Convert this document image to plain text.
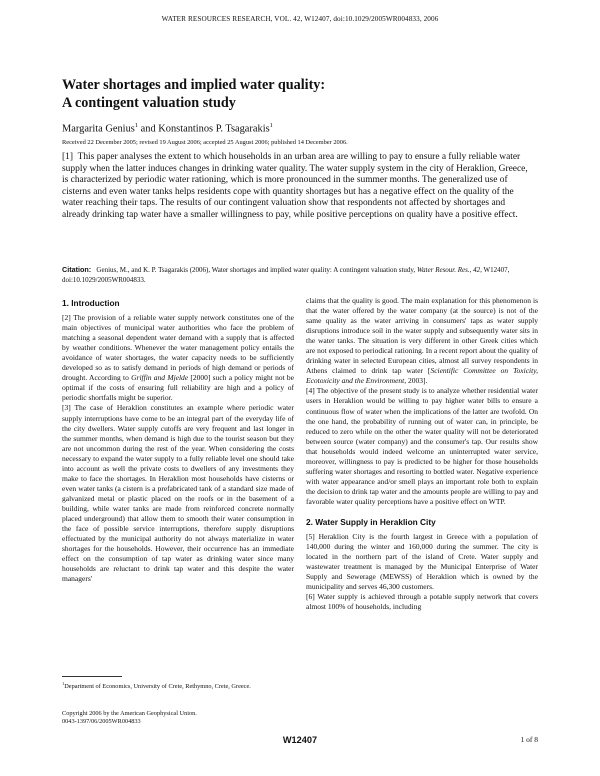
WATER RESOURCES RESEARCH, VOL. 42, W12407, doi:10.1029/2005WR004833, 2006
Water shortages and implied water quality:
A contingent valuation study
Margarita Genius$^1$ and Konstantinos P. Tsagarakis$^1$
Received 22 December 2005; revised 19 August 2006; accepted 25 August 2006; published 14 December 2006.
[1] This paper analyses the extent to which households in an urban area are willing to pay to ensure a fully reliable water supply when the latter induces changes in drinking water quality. The water supply system in the city of Heraklion, Greece, is characterized by periodic water rationing, which is more pronounced in the summer months. The generalized use of cisterns and even water tanks helps residents cope with quantity shortages but has a negative effect on the quality of the water reaching their taps. The results of our contingent valuation show that respondents not affected by shortages and already drinking tap water have a smaller willingness to pay, while positive perceptions on quality have a positive effect.
Citation: Genius, M., and K. P. Tsagarakis (2006), Water shortages and implied water quality: A contingent valuation study, Water Resour. Res., 42, W12407, doi:10.1029/2005WR004833.
1. Introduction

[2] The provision of a reliable water supply network constitutes one of the main objectives of municipal water authorities who face the problem of matching a seasonal dependent water demand with a supply that is affected by weather conditions. Whenever the water management policy entails the avoidance of water shortages, the water capacity needs to be sufficiently developed so as to satisfy demand in periods of high demand or periods of drought. According to Griffin and Mjelde [2000] such a policy might not be optimal if the costs of ensuring full reliability are high and a policy of periodic shortfalls might be superior.

[3] The case of Heraklion constitutes an example where periodic water supply interruptions have come to be an integral part of the everyday life of the city dwellers. Water supply cutoffs are very frequent and last longer in the summer months, when demand is high due to the tourist season but they are not uncommon during the rest of the year. When considering the costs necessary to expand the water supply to a fully reliable level one should take into account as well the private costs to dwellers of any investments they make to face the shortages. In Heraklion most households have cisterns or even water tanks (a cistern is a prefabricated tank of a standard size made of galvanized metal or plastic placed on the roofs or in the basement of a building, while water tanks are made from reinforced concrete normally placed underground) that allow them to smooth their water consumption in the face of possible service interruptions, therefore supply disruptions effectuated by the municipal authority do not always materialize in water shortages for the households. However, their occurrence has an immediate effect on the consumption of tap water as drinking water since many households are reluctant to drink tap water and this despite the water managers'

claims that the quality is good. The main explanation for this phenomenon is that the water offered by the water company (at the source) is not of the same quality as the water arriving in consumers' taps as water supply disruptions introduce soil in the water supply and subsequently water sits in the water tanks. The situation is very different in other Greek cities which are not exposed to periodical rationing. In a recent report about the quality of drinking water in selected European cities, almost all survey respondents in Athens claimed to drink tap water [Scientific Committee on Toxicity, Ecotoxicity and the Environment, 2003].

[4] The objective of the present study is to analyze whether residential water users in Heraklion would be willing to pay higher water bills to ensure a continuous flow of water when the implications of the latter are twofold. On the one hand, the probability of running out of water can, in principle, be reduced to zero while on the other the water quality will not be deteriorated between source (water company) and the consumer's tap. Our results show that households would indeed welcome an uninterrupted water service, moreover, willingness to pay is predicted to be higher for those households suffering water shortages and resorting to bottled water. Negative experience with water appearance and/or smell plays an important role both to explain the decision to drink tap water and the amounts people are willing to pay and favorable water quality perceptions have a positive effect on WTP.

2. Water Supply in Heraklion City

[5] Heraklion City is the fourth largest in Greece with a population of 140,000 during the winter and 160,000 during the summer. The city is located in the northern part of the island of Crete. Water supply and wastewater treatment is managed by the Municipal Enterprise of Water Supply and Sewerage (MEWSS) of Heraklion which is owned by the municipality and serves 46,300 customers.

[6] Water supply is achieved through a potable supply network that covers almost 100% of households, including

$^1$Department of Economics, University of Crete, Rethymno, Crete, Greece.
Copyright 2006 by the American Geophysical Union.
0043-1397/06/2005WR004833
W12407	1 of 8
